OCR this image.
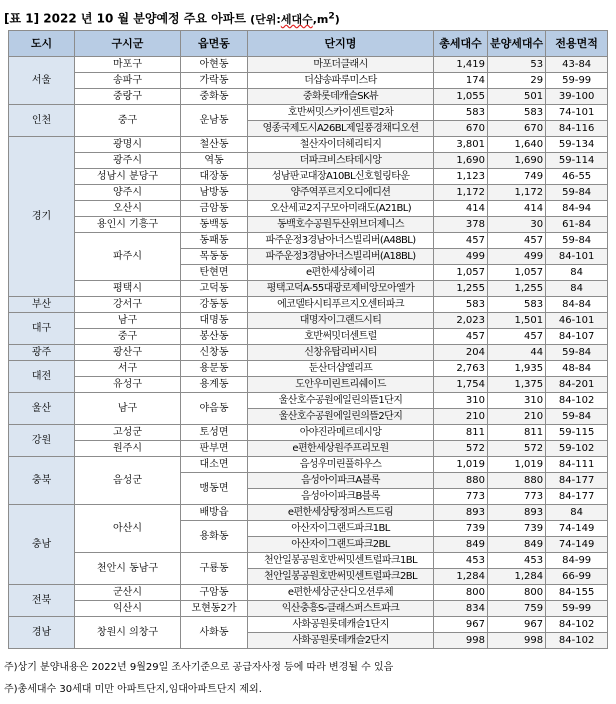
[표 1] 2022 년 10 월 분양예정 주요 아파트 (단위:세대수$,m^2$)
도시	구시군	읍면동	단지명	총세대수	분양세대수	전용면적
서울	마포구	아현동	마포더클래시	1,419	53	43-84
	송파구	가락동	더샵송파루미스타	174	29	59-99
	중랑구	중화동	중화롯데캐슬SK뷰	1,055	501	39-100
인천	중구	운남동	호반써밋스카이센트럴2차	583	583	74-101
			영종국제도시A26BL제일풍경채디오션	670	670	84-116
경기	광명시	철산동	철산자이더헤리티지	3,801	1,640	59-134
	광주시	역동	더파크비스타데시앙	1,690	1,690	59-114
	성남시 분당구	대장동	성남판교대장A10BL신호힐링타운	1,123	749	46-55
	양주시	남방동	양주역푸르지오디에디션	1,172	1,172	59-84
	오산시	금암동	오산세교2지구모아미래도(A21BL)	414	414	84-94
	용인시 기흥구	동백동	동백호수공원두산위브더제니스	378	30	61-84
	파주시	동패동	파주운정3경남아너스빌리버(A48BL)	457	457	59-84
		목동동	파주운정3경남아너스빌리버(A18BL)	499	499	84-101
		탄현면	e편한세상헤이리	1,057	1,057	84
	평택시	고덕동	평택고덕A-55대광로제비앙모아엘가	1,255	1,255	84
부산	강서구	강동동	에코델타시티푸르지오센터파크	583	583	84-84
대구	남구	대명동	대명자이그랜드시티	2,023	1,501	46-101
	중구	봉산동	호반써밋더센트럴	457	457	84-107
광주	광산구	신창동	신창유탑리버시티	204	44	59-84
대전	서구	용문동	둔산더샵엘리프	2,763	1,935	48-84
	유성구	용계동	도안우미린트리쉐이드	1,754	1,375	84-201
울산	남구	야음동	울산호수공원에일린의뜰1단지	310	310	84-102
			울산호수공원에일린의뜰2단지	210	210	59-84
강원	고성군	토성면	아야진라메르데시앙	811	811	59-115
	원주시	판부면	e편한세상원주프리모원	572	572	59-102
충북	음성군	대소면	음성우미린풀하우스	1,019	1,019	84-111
		맹동면	음성아이파크A블록	880	880	84-177
			음성아이파크B블록	773	773	84-177
충남	아산시	배방읍	e편한세상탕정퍼스트드림	893	893	84
		용화동	아산자이그랜드파크1BL	739	739	74-149
			아산자이그랜드파크2BL	849	849	74-149
	천안시 동남구	구룡동	천안일봉공원호반써밋센트럴파크1BL	453	453	84-99
			천안일봉공원호반써밋센트럴파크2BL	1,284	1,284	66-99
전북	군산시	구암동	e편한세상군산디오션루체	800	800	84-155
	익산시	모현동2가	익산충흥S-클래스퍼스트파크	834	759	59-99
경남	창원시 의창구	사화동	사화공원롯데캐슬1단지	967	967	84-102
			사화공원롯데캐슬2단지	998	998	84-102
주)상기 분양내용은 2022년 9월29일 조사기준으로 공급자사정 등에 따라 변경될 수 있음
주)총세대수 30세대 미만 아파트단지,임대아파트단지 제외.
